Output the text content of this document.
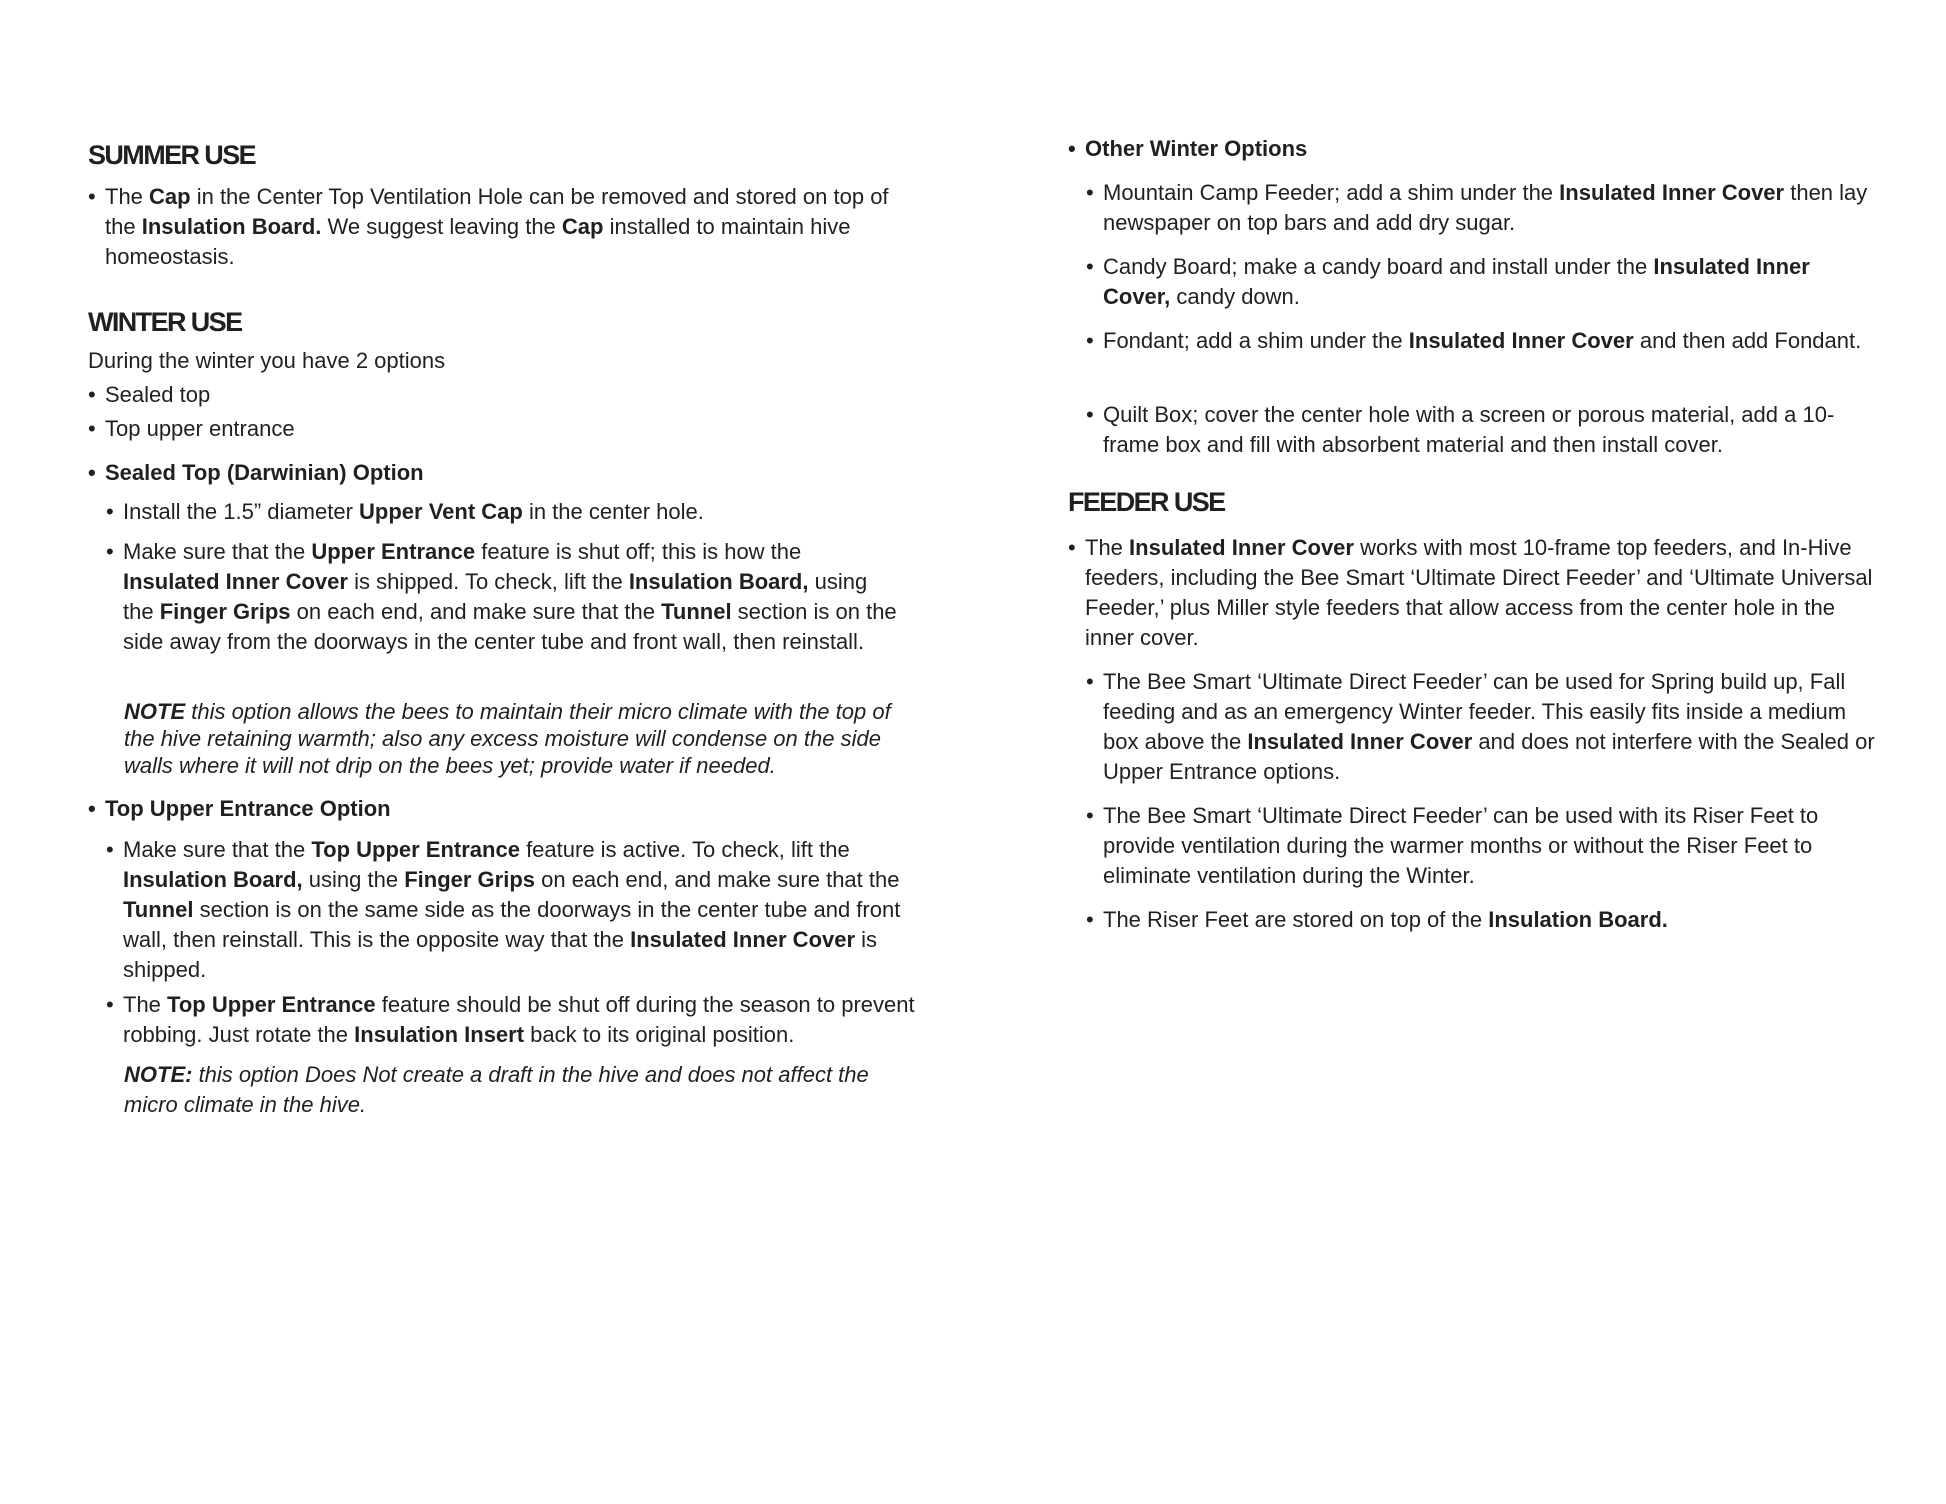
SUMMER USE

• The Cap in the Center Top Ventilation Hole can be removed and stored on top of the Insulation Board. We suggest leaving the Cap installed to maintain hive homeostasis.

WINTER USE

During the winter you have 2 options

• Sealed top

• Top upper entrance

• Sealed Top (Darwinian) Option

• Install the 1.5” diameter Upper Vent Cap in the center hole.

• Make sure that the Upper Entrance feature is shut off; this is how the Insulated Inner Cover is shipped. To check, lift the Insulation Board, using the Finger Grips on each end, and make sure that the Tunnel section is on the side away from the doorways in the center tube and front wall, then reinstall.

NOTE this option allows the bees to maintain their micro climate with the top of the hive retaining warmth; also any excess moisture will condense on the side walls where it will not drip on the bees yet; provide water if needed.

• Top Upper Entrance Option

• Make sure that the Top Upper Entrance feature is active. To check, lift the Insulation Board, using the Finger Grips on each end, and make sure that the Tunnel section is on the same side as the doorways in the center tube and front wall, then reinstall. This is the opposite way that the Insulated Inner Cover is shipped.

• The Top Upper Entrance feature should be shut off during the season to prevent robbing. Just rotate the Insulation Insert back to its original position.

NOTE: this option Does Not create a draft in the hive and does not affect the micro climate in the hive.

• Other Winter Options

• Mountain Camp Feeder; add a shim under the Insulated Inner Cover then lay newspaper on top bars and add dry sugar.

• Candy Board; make a candy board and install under the Insulated Inner Cover, candy down.

• Fondant; add a shim under the Insulated Inner Cover and then add Fondant.

• Quilt Box; cover the center hole with a screen or porous material, add a 10-frame box and fill with absorbent material and then install cover.

FEEDER USE

• The Insulated Inner Cover works with most 10-frame top feeders, and In-Hive feeders, including the Bee Smart ‘Ultimate Direct Feeder’ and ‘Ultimate Universal Feeder,’ plus Miller style feeders that allow access from the center hole in the inner cover.

• The Bee Smart ‘Ultimate Direct Feeder’ can be used for Spring build up, Fall feeding and as an emergency Winter feeder. This easily fits inside a medium box above the Insulated Inner Cover and does not interfere with the Sealed or Upper Entrance options.

• The Bee Smart ‘Ultimate Direct Feeder’ can be used with its Riser Feet to provide ventilation during the warmer months or without the Riser Feet to eliminate ventilation during the Winter.

• The Riser Feet are stored on top of the Insulation Board.
